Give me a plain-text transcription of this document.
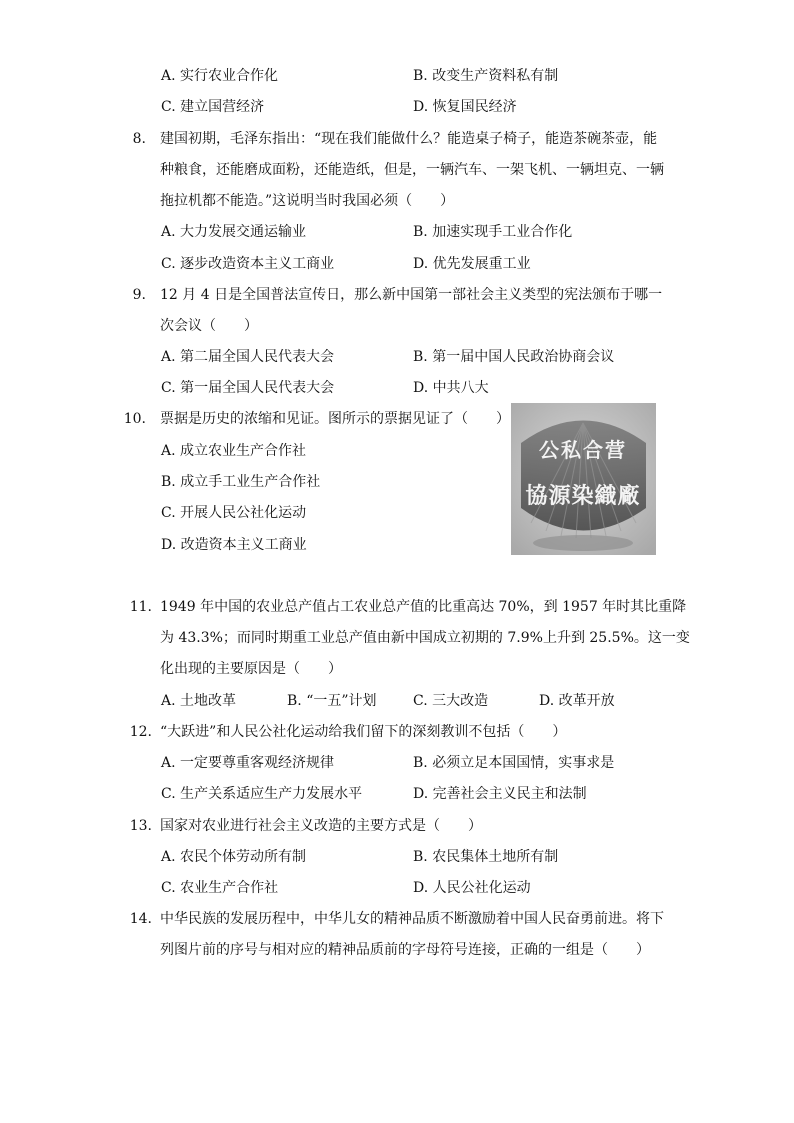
A. 实行农业合作化	B. 改变生产资料私有制
C. 建立国营经济	D. 恢复国民经济
8. 建国初期，毛泽东指出：“现在我们能做什么？能造桌子椅子，能造茶碗茶壶，能
种粮食，还能磨成面粉，还能造纸，但是，一辆汽车、一架飞机、一辆坦克、一辆
拖拉机都不能造。”这说明当时我国必须（　　）
A. 大力发展交通运输业	B. 加速实现手工业合作化
C. 逐步改造资本主义工商业	D. 优先发展重工业
9. 12 月 4 日是全国普法宣传日，那么新中国第一部社会主义类型的宪法颁布于哪一
次会议（　　）
A. 第二届全国人民代表大会	B. 第一届中国人民政治协商会议
C. 第一届全国人民代表大会	D. 中共八大
10. 票据是历史的浓缩和见证。图所示的票据见证了（　　）
A. 成立农业生产合作社
B. 成立手工业生产合作社
C. 开展人民公社化运动
D. 改造资本主义工商业
公私合营
協源染織廠
11. 1949 年中国的农业总产值占工农业总产值的比重高达 70%，到 1957 年时其比重降
为 43.3%；而同时期重工业总产值由新中国成立初期的 7.9%上升到 25.5%。这一变
化出现的主要原因是（　　）
A. 土地改革	B. “一五”计划	C. 三大改造	D. 改革开放
12. “大跃进”和人民公社化运动给我们留下的深刻教训不包括（　　）
A. 一定要尊重客观经济规律	B. 必须立足本国国情，实事求是
C. 生产关系适应生产力发展水平	D. 完善社会主义民主和法制
13. 国家对农业进行社会主义改造的主要方式是（　　）
A. 农民个体劳动所有制	B. 农民集体土地所有制
C. 农业生产合作社	D. 人民公社化运动
14. 中华民族的发展历程中，中华儿女的精神品质不断激励着中国人民奋勇前进。将下
列图片前的序号与相对应的精神品质前的字母符号连接，正确的一组是（　　）
